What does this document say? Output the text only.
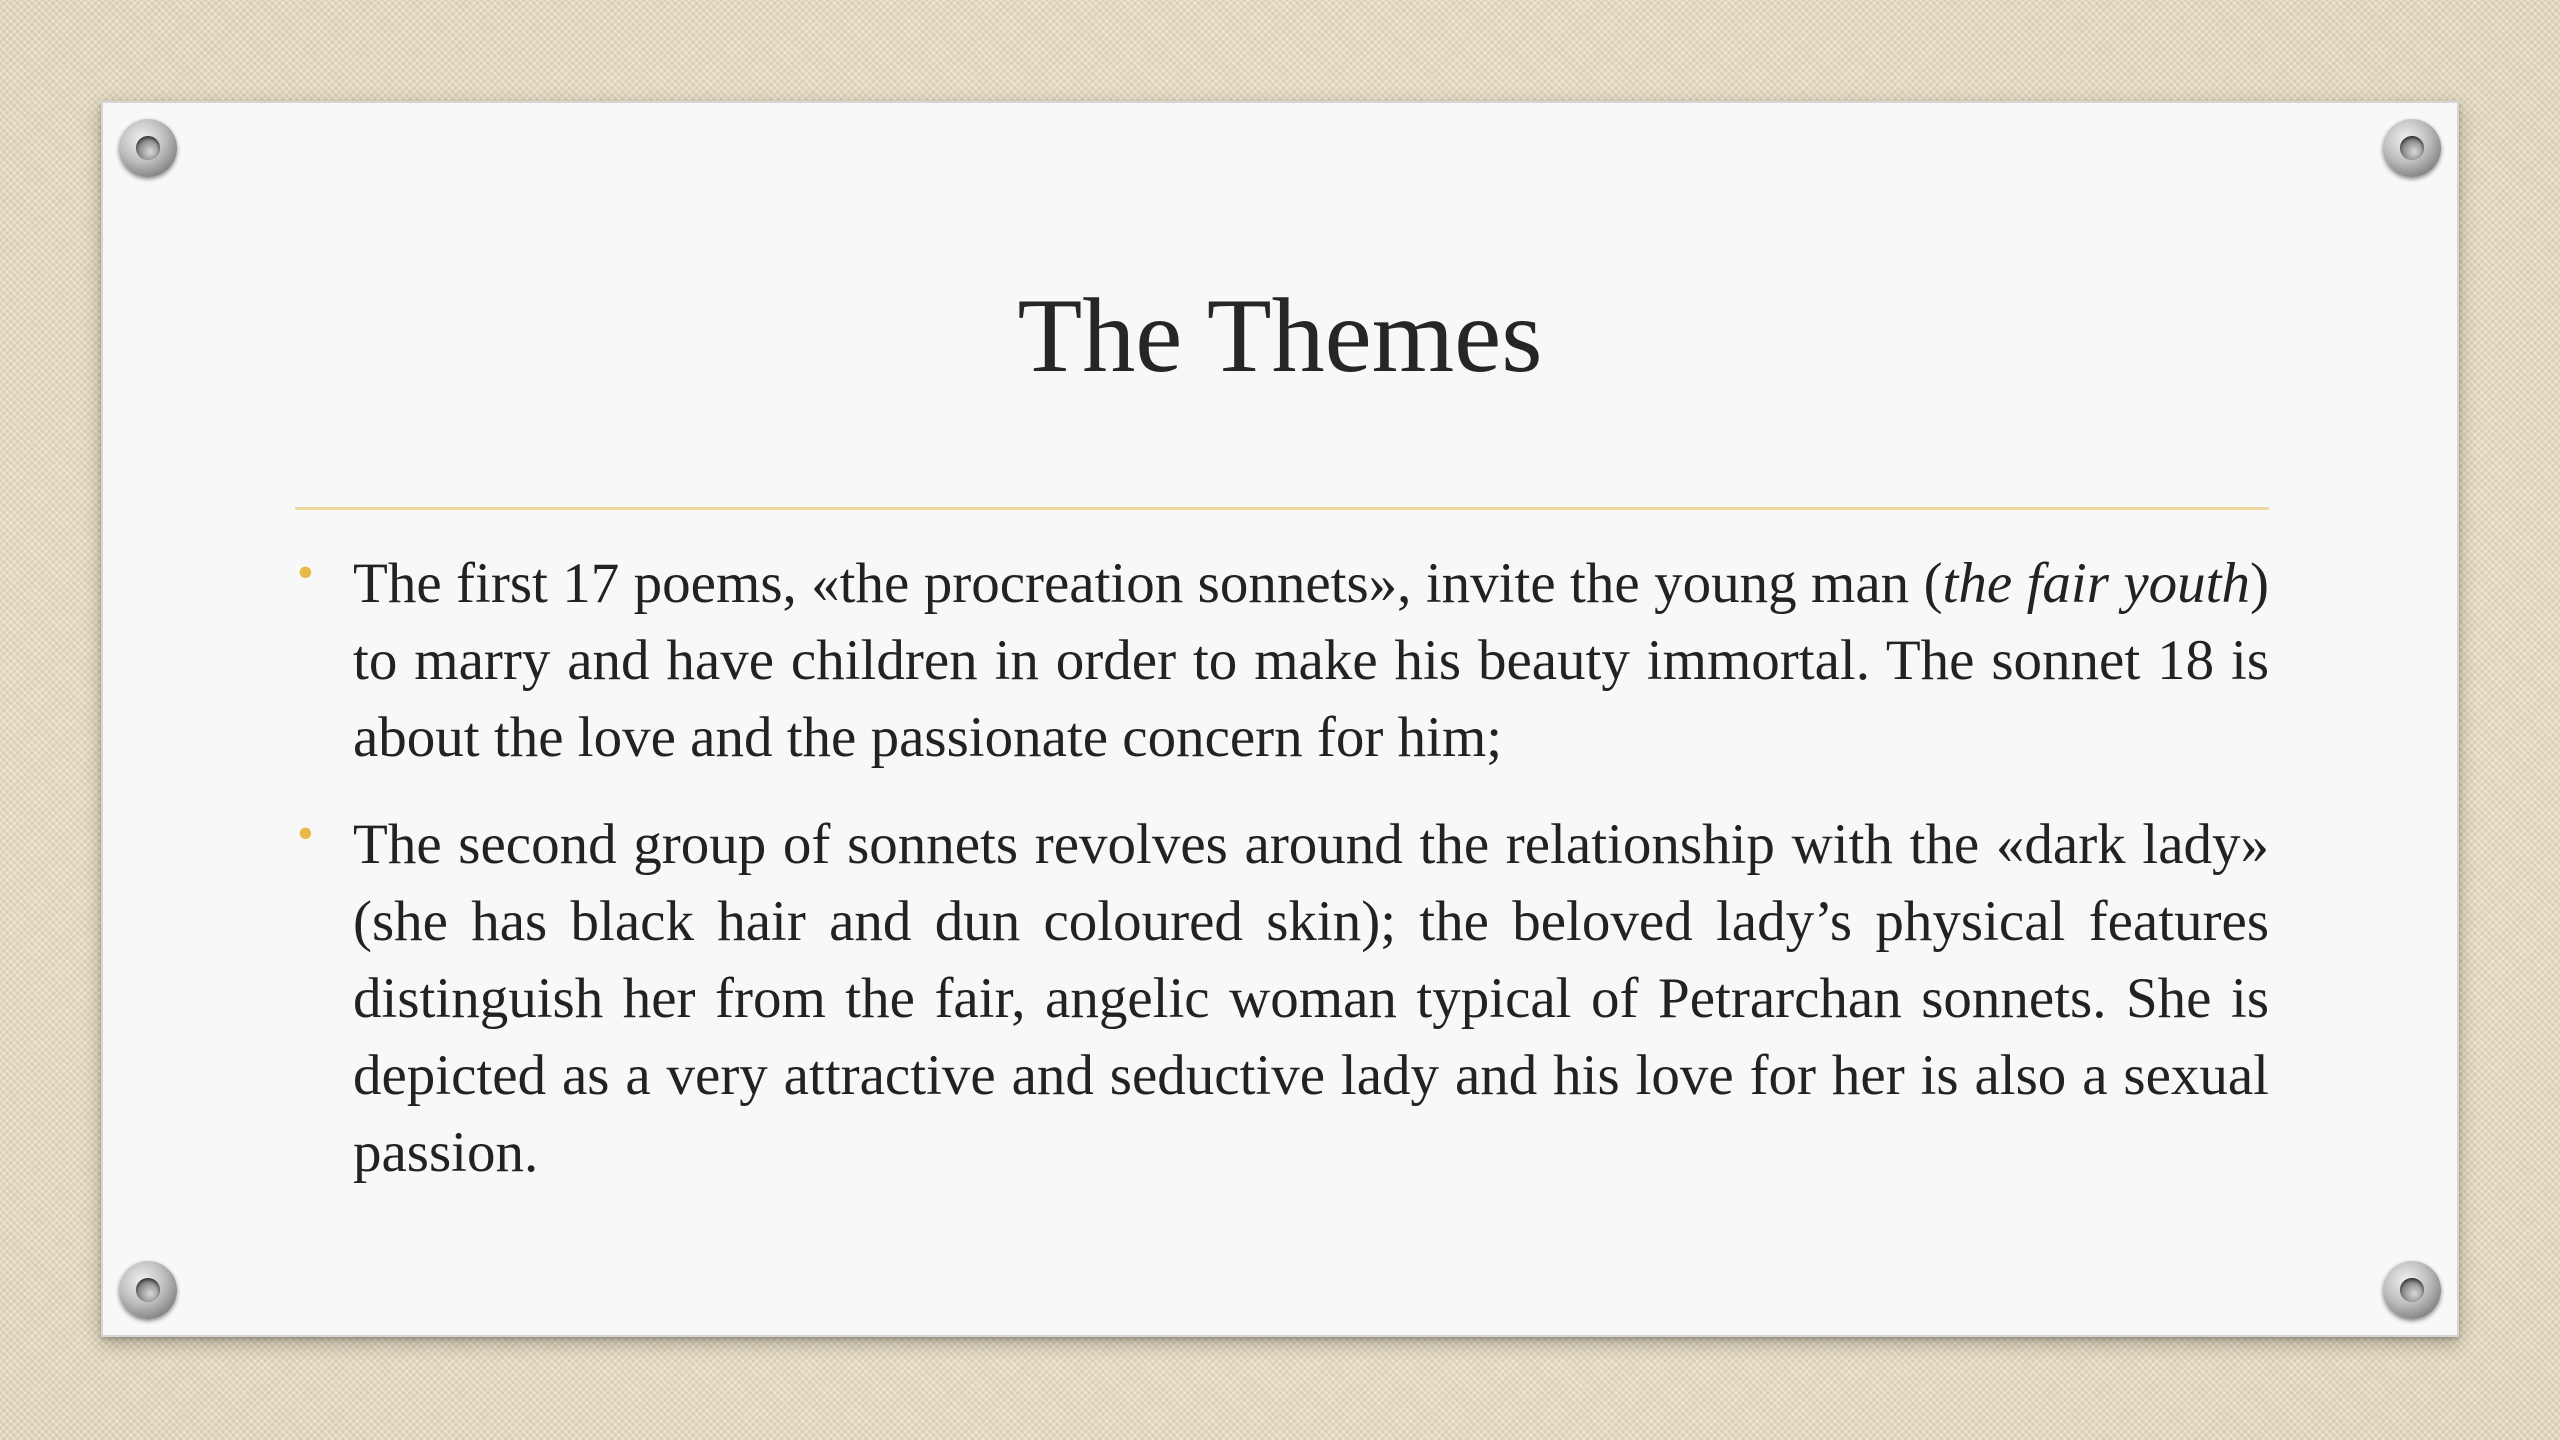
The Themes
• The first 17 poems, «the procreation sonnets», invite the young man (the fair youth) to marry and have children in order to make his beauty immortal. The sonnet 18 is about the love and the passionate concern for him;
• The second group of sonnets revolves around the relationship with the «dark lady» (she has black hair and dun coloured skin); the beloved lady’s physical features distinguish her from the fair, angelic woman typical of Petrarchan sonnets. She is depicted as a very attractive and seductive lady and his love for her is also a sexual passion.
